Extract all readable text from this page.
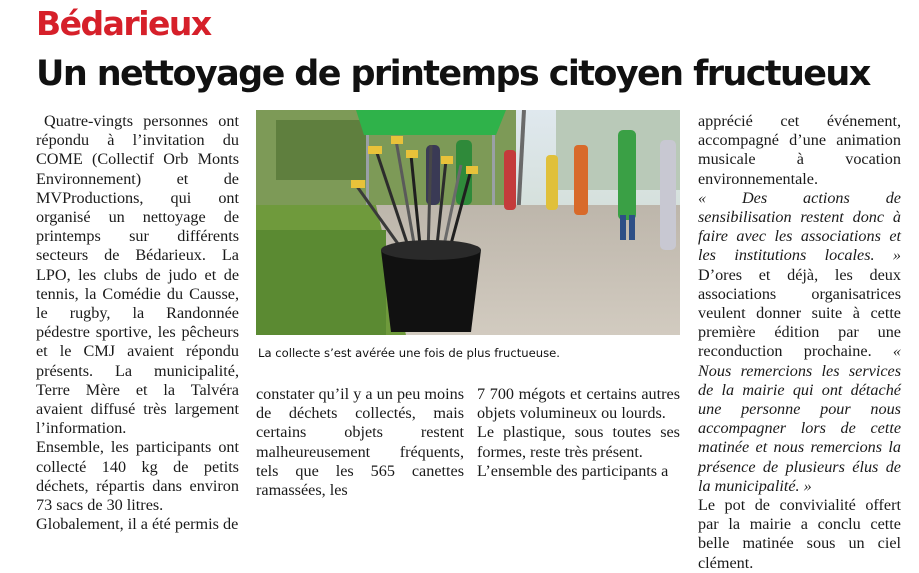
Bédarieux
Un nettoyage de printemps citoyen fructueux

Quatre-vingts personnes ont répondu à l’invitation du COME (Collectif Orb Monts Environnement) et de MVProductions, qui ont organisé un nettoyage de printemps sur différents secteurs de Bédarieux. La LPO, les clubs de judo et de tennis, la Comédie du Causse, le rugby, la Randonnée pédestre sportive, les pêcheurs et le CMJ avaient répondu présents. La municipalité, Terre Mère et la Talvéra avaient diffusé très largement l’information.

Ensemble, les participants ont collecté 140 kg de petits déchets, répartis dans environ 73 sacs de 30 litres.

Globalement, il a été permis de

La collecte s’est avérée une fois de plus fructueuse.

constater qu’il y a un peu moins de déchets collectés, mais certains objets restent malheureusement fréquents, tels que les 565 canettes ramassées, les

7 700 mégots et certains autres objets volumineux ou lourds.

Le plastique, sous toutes ses formes, reste très présent.

L’ensemble des participants a

apprécié cet événement, accompagné d’une animation musicale à vocation environnementale.

« Des actions de sensibilisation restent donc à faire avec les associations et les institutions locales. » D’ores et déjà, les deux associations organisatrices veulent donner suite à cette première édition par une reconduction prochaine. « Nous remercions les services de la mairie qui ont détaché une personne pour nous accompagner lors de cette matinée et nous remercions la présence de plusieurs élus de la municipalité. »

Le pot de convivialité offert par la mairie a conclu cette belle matinée sous un ciel clément.
